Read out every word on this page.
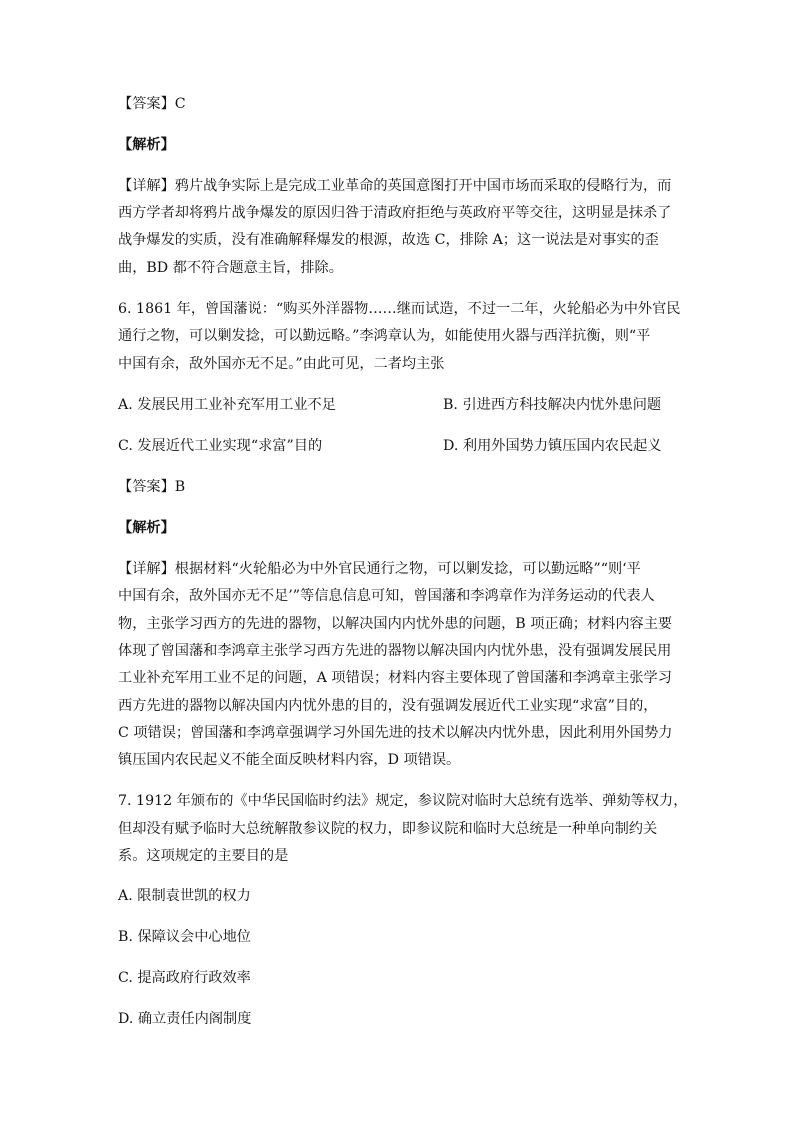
【答案】C
【解析】
【详解】鸦片战争实际上是完成工业革命的英国意图打开中国市场而采取的侵略行为，而
西方学者却将鸦片战争爆发的原因归咎于清政府拒绝与英政府平等交往，这明显是抹杀了
战争爆发的实质，没有准确解释爆发的根源，故选 C，排除 A；这一说法是对事实的歪
曲，BD 都不符合题意主旨，排除。
6. 1861 年，曾国藩说：“购买外洋器物……继而试造，不过一二年，火轮船必为中外官民
通行之物，可以剿发捻，可以勤远略。”李鸿章认为，如能使用火器与西洋抗衡，则“平
中国有余，敌外国亦无不足。”由此可见，二者均主张
A. 发展民用工业补充军用工业不足	B. 引进西方科技解决内忧外患问题
C. 发展近代工业实现“求富”目的	D. 利用外国势力镇压国内农民起义
【答案】B
【解析】
【详解】根据材料“火轮船必为中外官民通行之物，可以剿发捻，可以勤远略”“则‘平
中国有余，敌外国亦无不足’”等信息信息可知，曾国藩和李鸿章作为洋务运动的代表人
物，主张学习西方的先进的器物，以解决国内内忧外患的问题，B 项正确；材料内容主要
体现了曾国藩和李鸿章主张学习西方先进的器物以解决国内内忧外患，没有强调发展民用
工业补充军用工业不足的问题，A 项错误；材料内容主要体现了曾国藩和李鸿章主张学习
西方先进的器物以解决国内内忧外患的目的，没有强调发展近代工业实现“求富”目的，
C 项错误；曾国藩和李鸿章强调学习外国先进的技术以解决内忧外患，因此利用外国势力
镇压国内农民起义不能全面反映材料内容，D 项错误。
7. 1912 年颁布的《中华民国临时约法》规定，参议院对临时大总统有选举、弹劾等权力，
但却没有赋予临时大总统解散参议院的权力，即参议院和临时大总统是一种单向制约关
系。这项规定的主要目的是
A. 限制袁世凯的权力
B. 保障议会中心地位
C. 提高政府行政效率
D. 确立责任内阁制度
